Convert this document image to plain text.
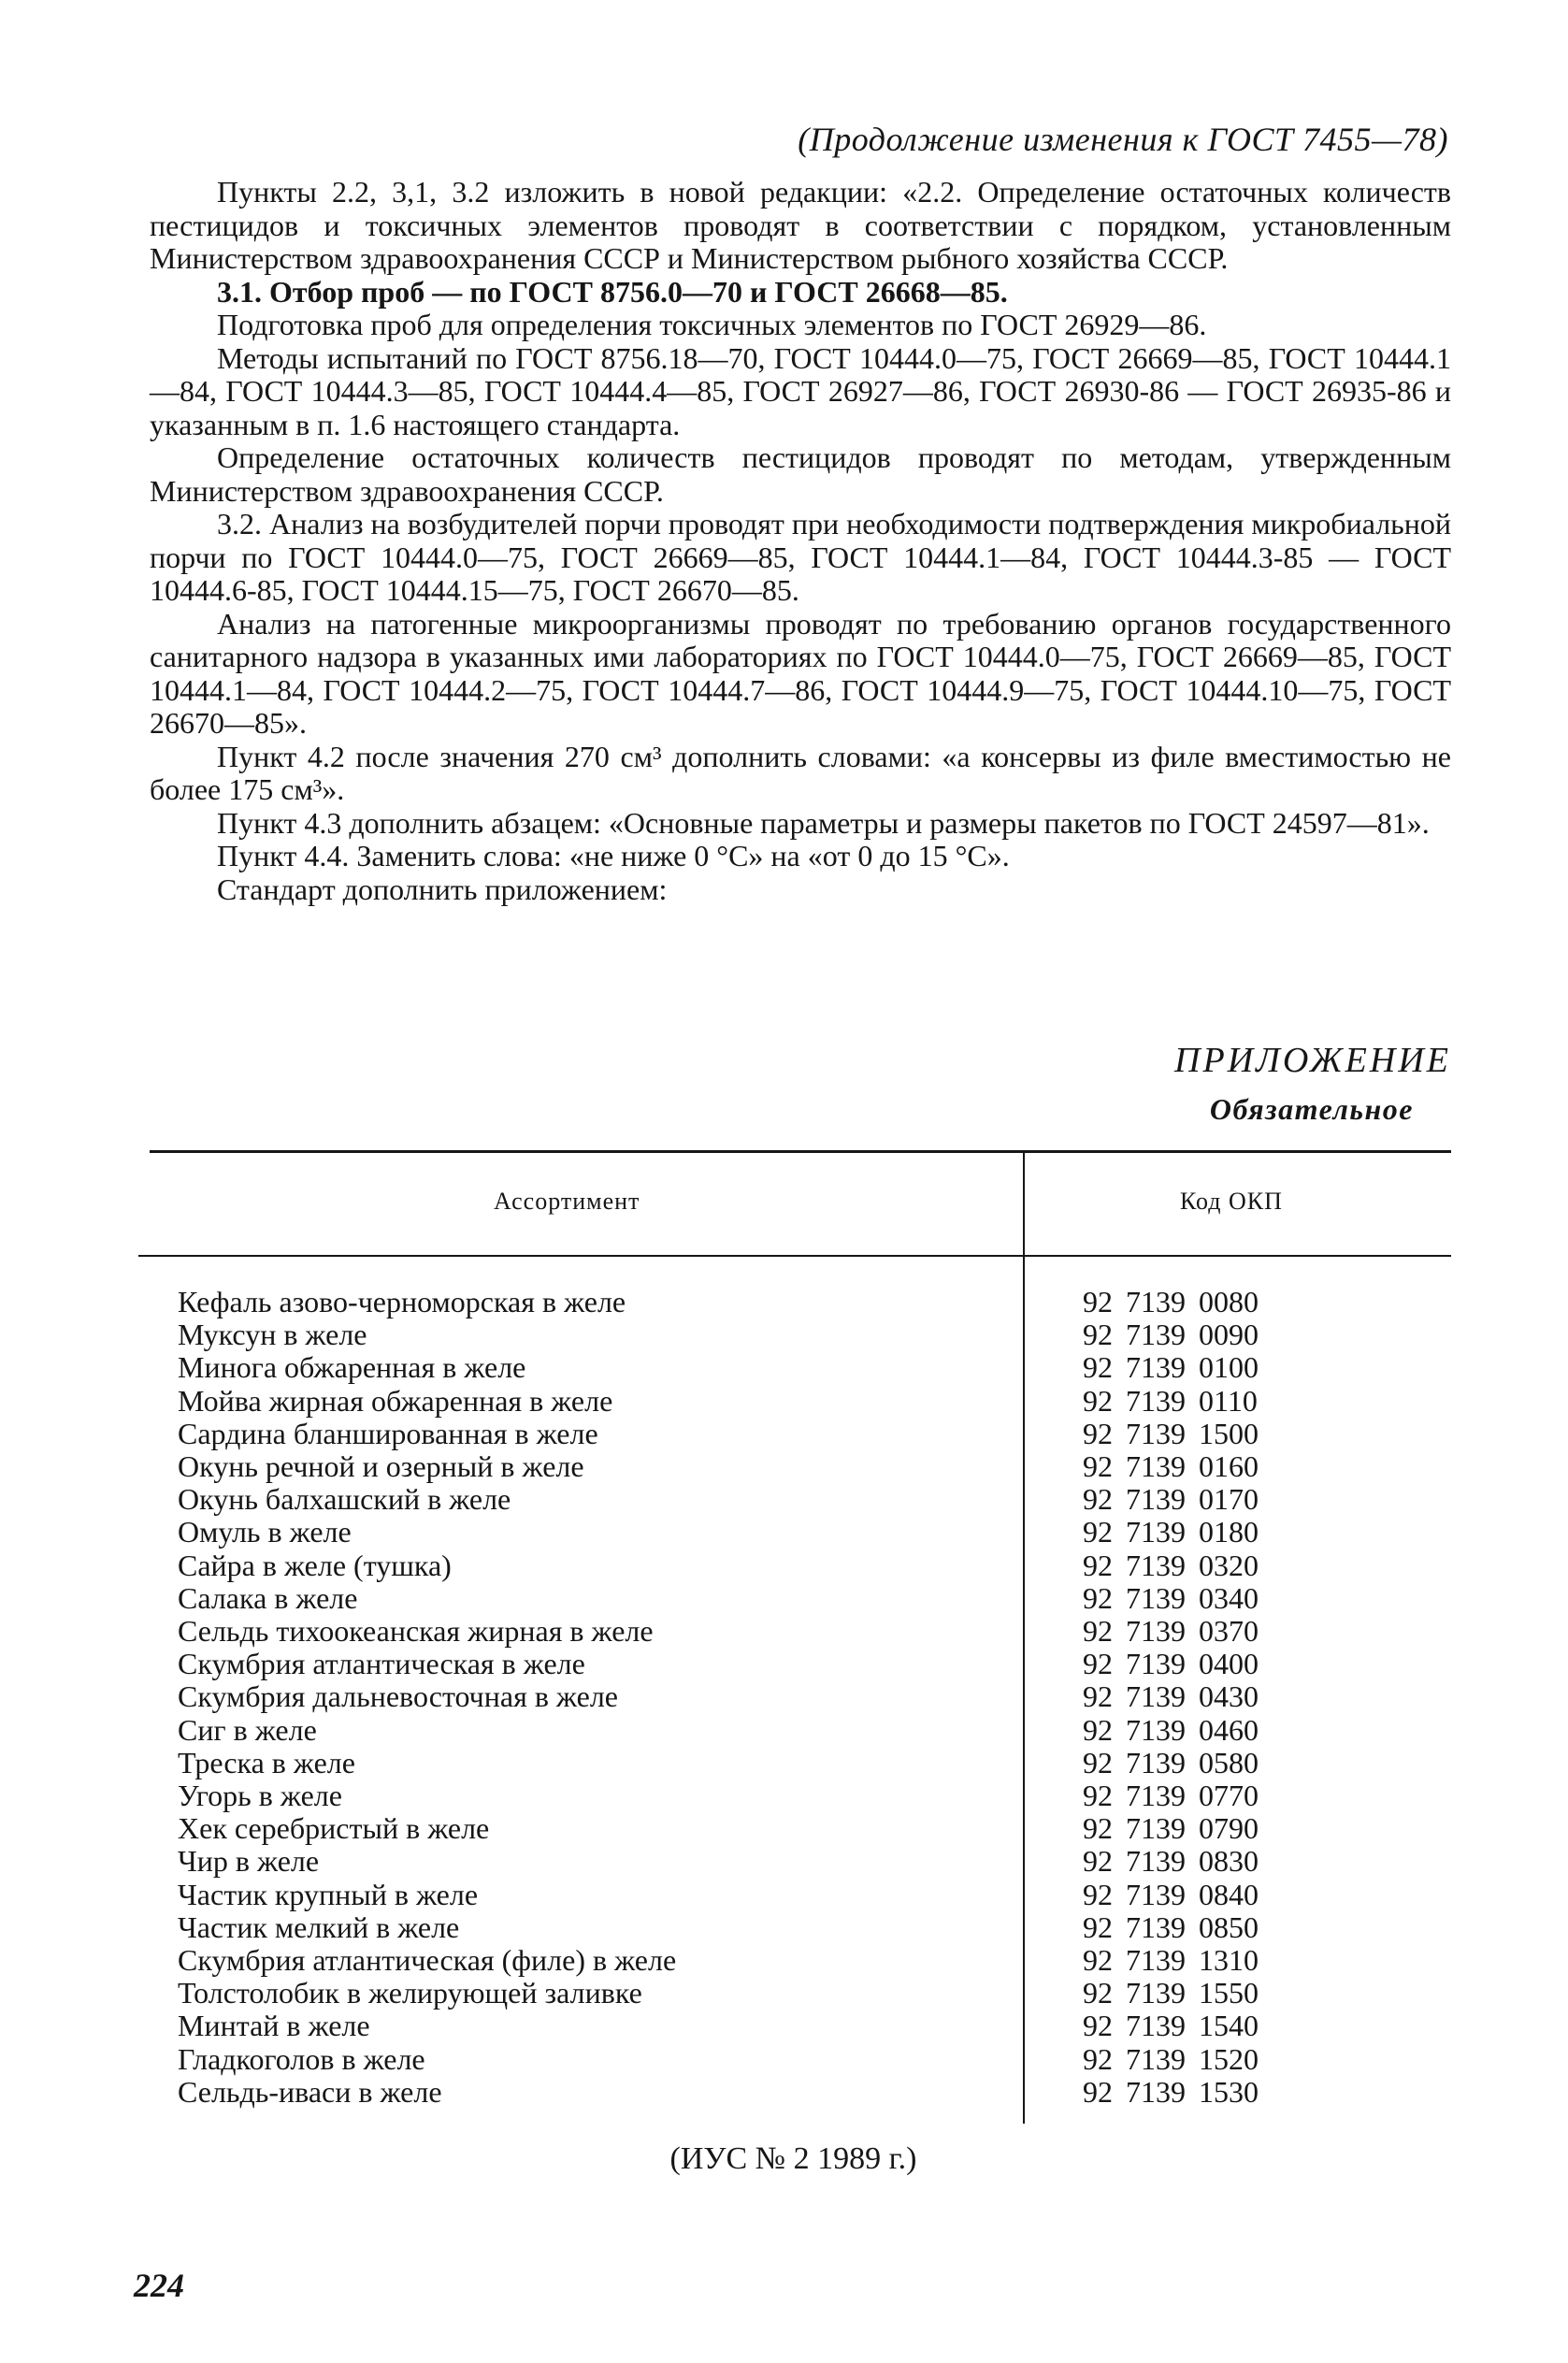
(Продолжение изменения к ГОСТ 7455—78)

Пункты 2.2, 3,1, 3.2 изложить в новой редакции: «2.2. Определение остаточных количеств пестицидов и токсичных элементов проводят в соответствии с порядком, установленным Министерством здравоохранения СССР и Министерством рыбного хозяйства СССР.

3.1. Отбор проб — по ГОСТ 8756.0—70 и ГОСТ 26668—85.

Подготовка проб для определения токсичных элементов по ГОСТ 26929—86.

Методы испытаний по ГОСТ 8756.18—70, ГОСТ 10444.0—75, ГОСТ 26669—85, ГОСТ 10444.1—84, ГОСТ 10444.3—85, ГОСТ 10444.4—85, ГОСТ 26927—86, ГОСТ 26930-86 — ГОСТ 26935-86 и указанным в п. 1.6 настоящего стандарта.

Определение остаточных количеств пестицидов проводят по методам, утвержденным Министерством здравоохранения СССР.

3.2. Анализ на возбудителей порчи проводят при необходимости подтверждения микробиальной порчи по ГОСТ 10444.0—75, ГОСТ 26669—85, ГОСТ 10444.1—84, ГОСТ 10444.3-85 — ГОСТ 10444.6-85, ГОСТ 10444.15—75, ГОСТ 26670—85.

Анализ на патогенные микроорганизмы проводят по требованию органов государственного санитарного надзора в указанных ими лабораториях по ГОСТ 10444.0—75, ГОСТ 26669—85, ГОСТ 10444.1—84, ГОСТ 10444.2—75, ГОСТ 10444.7—86, ГОСТ 10444.9—75, ГОСТ 10444.10—75, ГОСТ 26670—85».

Пункт 4.2 после значения 270 см³ дополнить словами: «а консервы из филе вместимостью не более 175 см³».

Пункт 4.3 дополнить абзацем: «Основные параметры и размеры пакетов по ГОСТ 24597—81».

Пункт 4.4. Заменить слова: «не ниже 0 °С» на «от 0 до 15 °С».

Стандарт дополнить приложением:

ПРИЛОЖЕНИЕ
Обязательное
Ассортимент	Код ОКП
Кефаль азово-черноморская в желе
Муксун в желе
Минога обжаренная в желе
Мойва жирная обжаренная в желе
Сардина бланшированная в желе
Окунь речной и озерный в желе
Окунь балхашский в желе
Омуль в желе
Сайра в желе (тушка)
Салака в желе
Сельдь тихоокеанская жирная в желе
Скумбрия атлантическая в желе
Скумбрия дальневосточная в желе
Сиг в желе
Треска в желе
Угорь в желе
Хек серебристый в желе
Чир в желе
Частик крупный в желе
Частик мелкий в желе
Скумбрия атлантическая (филе) в желе
Толстолобик в желирующей заливке
Минтай в желе
Гладкоголов в желе
Сельдь-иваси в желе
92 7139 0080
92 7139 0090
92 7139 0100
92 7139 0110
92 7139 1500
92 7139 0160
92 7139 0170
92 7139 0180
92 7139 0320
92 7139 0340
92 7139 0370
92 7139 0400
92 7139 0430
92 7139 0460
92 7139 0580
92 7139 0770
92 7139 0790
92 7139 0830
92 7139 0840
92 7139 0850
92 7139 1310
92 7139 1550
92 7139 1540
92 7139 1520
92 7139 1530
(ИУС № 2 1989 г.)
224
